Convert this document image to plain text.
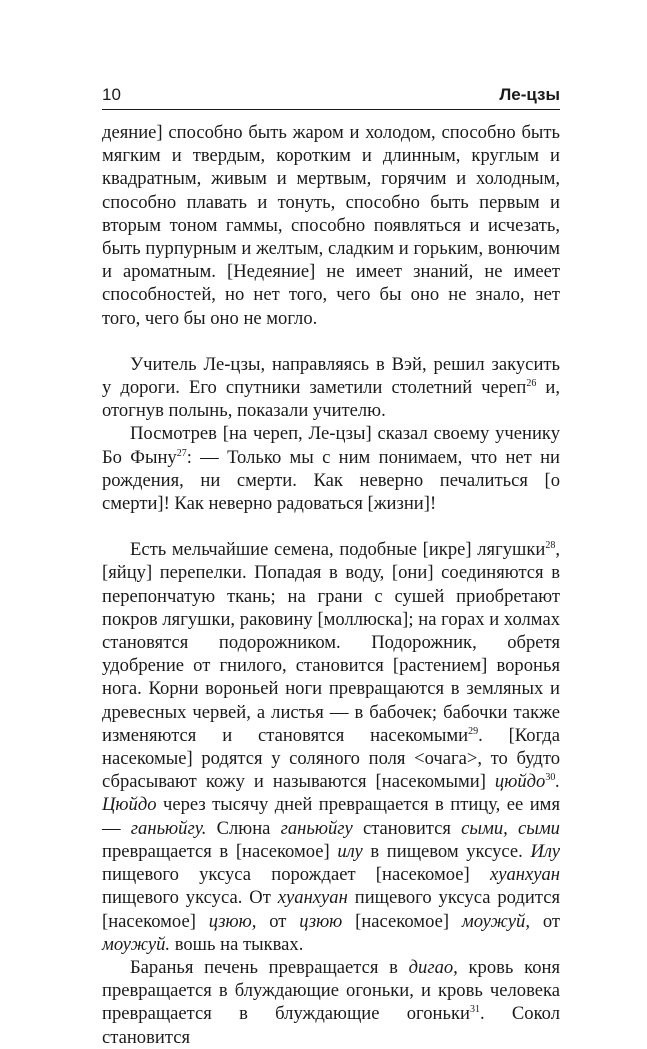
10	Ле-цзы

деяние] способно быть жаром и холодом, способно быть мягким и твердым, коротким и длинным, круглым и квадратным, живым и мертвым, горячим и холодным, способно плавать и тонуть, способно быть первым и вторым тоном гаммы, способно появляться и исчезать, быть пурпурным и желтым, сладким и горьким, вонючим и ароматным. [Недеяние] не имеет знаний, не имеет способностей, но нет того, чего бы оно не знало, нет того, чего бы оно не могло.

Учитель Ле-цзы, направляясь в Вэй, решил закусить у дороги. Его спутники заметили столетний череп$^{26}$ и, отогнув полынь, показали учителю.

Посмотрев [на череп, Ле-цзы] сказал своему ученику Бо Фыну$^{27}$: — Только мы с ним понимаем, что нет ни рождения, ни смерти. Как неверно печалиться [о смерти]! Как неверно радоваться [жизни]!

Есть мельчайшие семена, подобные [икре] лягушки$^{28}$, [яйцу] перепелки. Попадая в воду, [они] соединяются в перепончатую ткань; на грани с сушей приобретают покров лягушки, раковину [моллюска]; на горах и холмах становятся подорожником. Подорожник, обретя удобрение от гнилого, становится [растением] воронья нога. Корни вороньей ноги превращаются в земляных и древесных червей, а листья — в бабочек; бабочки также изменяются и становятся насекомыми$^{29}$. [Когда насекомые] родятся у соляного поля <очага>, то будто сбрасывают кожу и называются [насекомыми] цюйдо$^{30}$. Цюйдо через тысячу дней превращается в птицу, ее имя — ганьюйгу. Слюна ганьюйгу становится сыми, сыми превращается в [насекомое] илу в пищевом уксусе. Илу пищевого уксуса порождает [насекомое] хуанхуан пищевого уксуса. От хуанхуан пищевого уксуса родится [насекомое] цзюю, от цзюю [насекомое] моужуй, от моужуй. вошь на тыквах.

Баранья печень превращается в дигао, кровь коня превращается в блуждающие огоньки, и кровь человека превращается в блуждающие огоньки$^{31}$. Сокол становится
